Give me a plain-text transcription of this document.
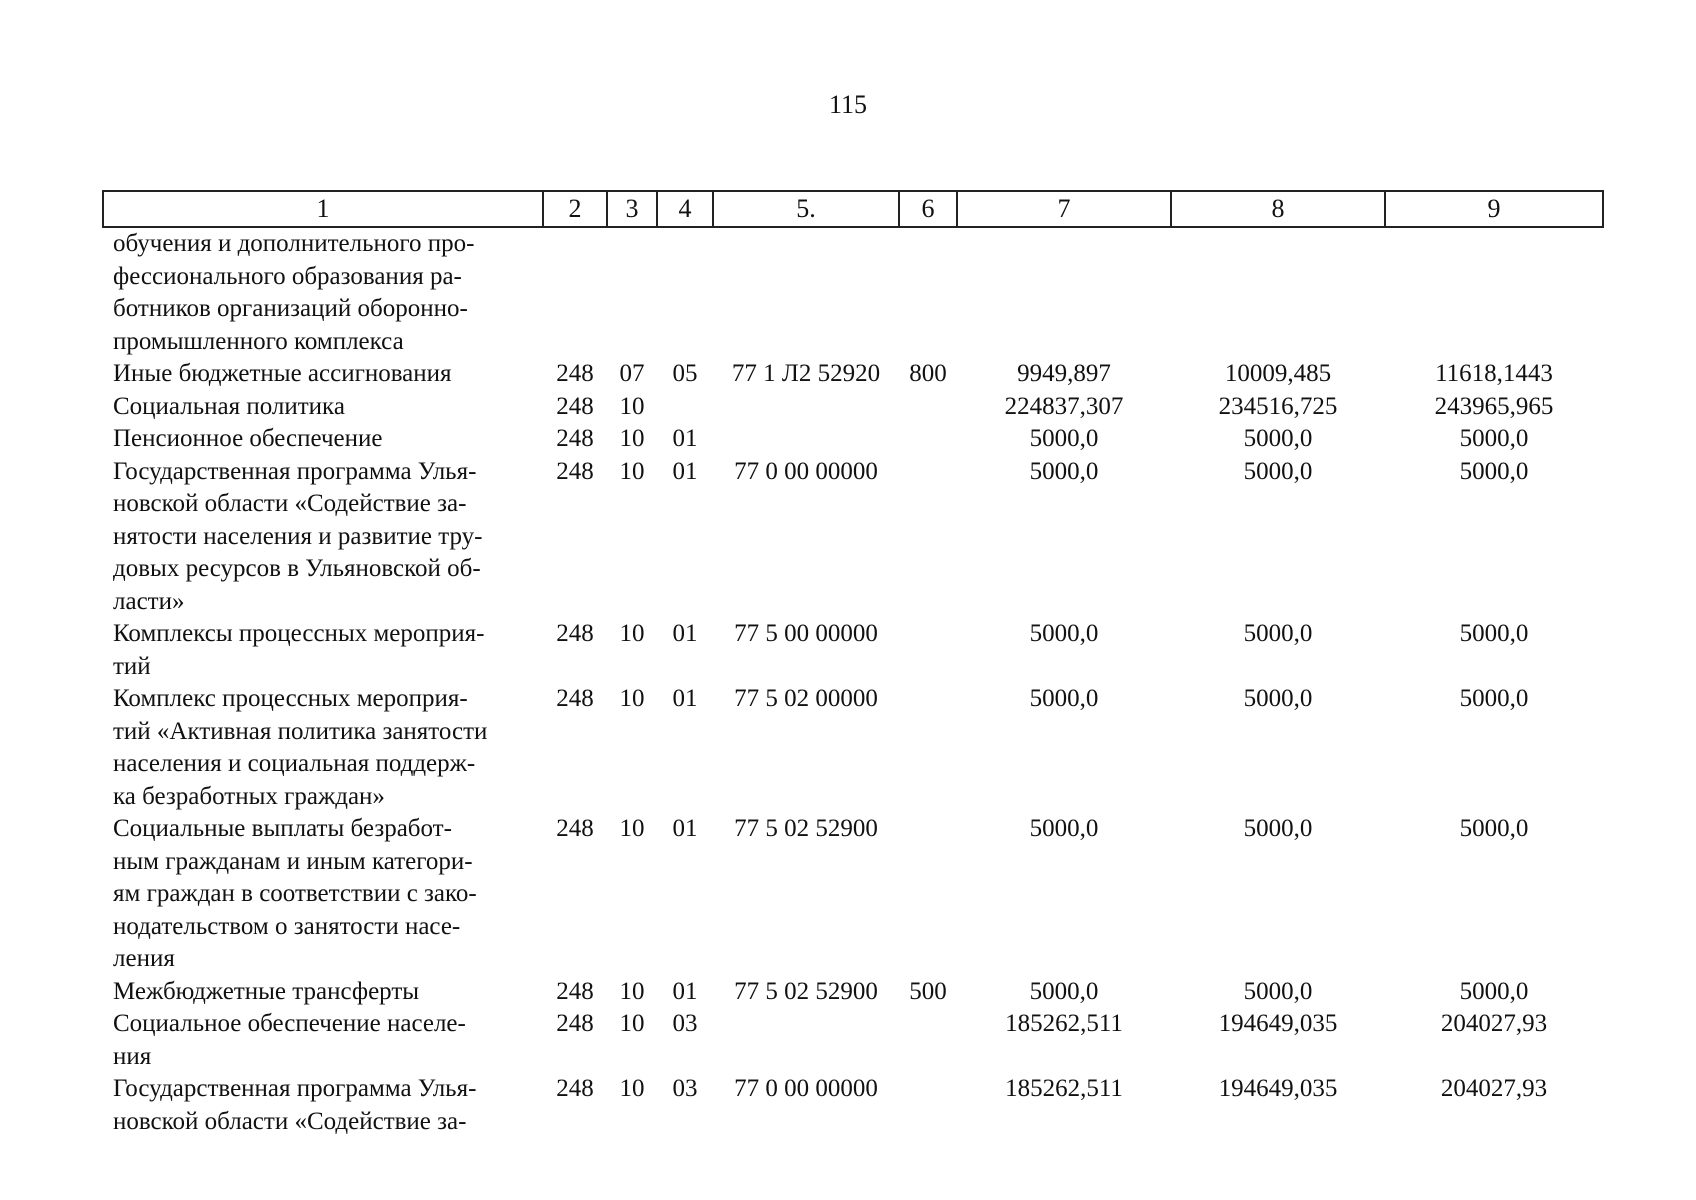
115
1	2	3	4	5.	6	7	8	9

обучения и дополнительного про-
фессионального образования ра-
ботников организаций оборонно-
промышленного комплекса								

Иные бюджетные ассигнования	248	07	05	77 1 Л2 52920	800	9949,897	10009,485	11618,1443

Социальная политика	248	10				224837,307	234516,725	243965,965

Пенсионное обеспечение	248	10	01			5000,0	5000,0	5000,0

Государственная программа Улья-
новской области «Содействие за-
нятости населения и развитие тру-
довых ресурсов в Ульяновской об-
ласти»	248	10	01	77 0 00 00000		5000,0	5000,0	5000,0

Комплексы процессных мероприя-
тий	248	10	01	77 5 00 00000		5000,0	5000,0	5000,0

Комплекс процессных мероприя-
тий «Активная политика занятости
населения и социальная поддерж-
ка безработных граждан»	248	10	01	77 5 02 00000		5000,0	5000,0	5000,0

Социальные выплаты безработ-
ным гражданам и иным категори-
ям граждан в соответствии с зако-
нодательством о занятости насе-
ления	248	10	01	77 5 02 52900		5000,0	5000,0	5000,0

Межбюджетные трансферты	248	10	01	77 5 02 52900	500	5000,0	5000,0	5000,0

Социальное обеспечение населе-
ния	248	10	03			185262,511	194649,035	204027,93

Государственная программа Улья-
новской области «Содействие за-	248	10	03	77 0 00 00000		185262,511	194649,035	204027,93
